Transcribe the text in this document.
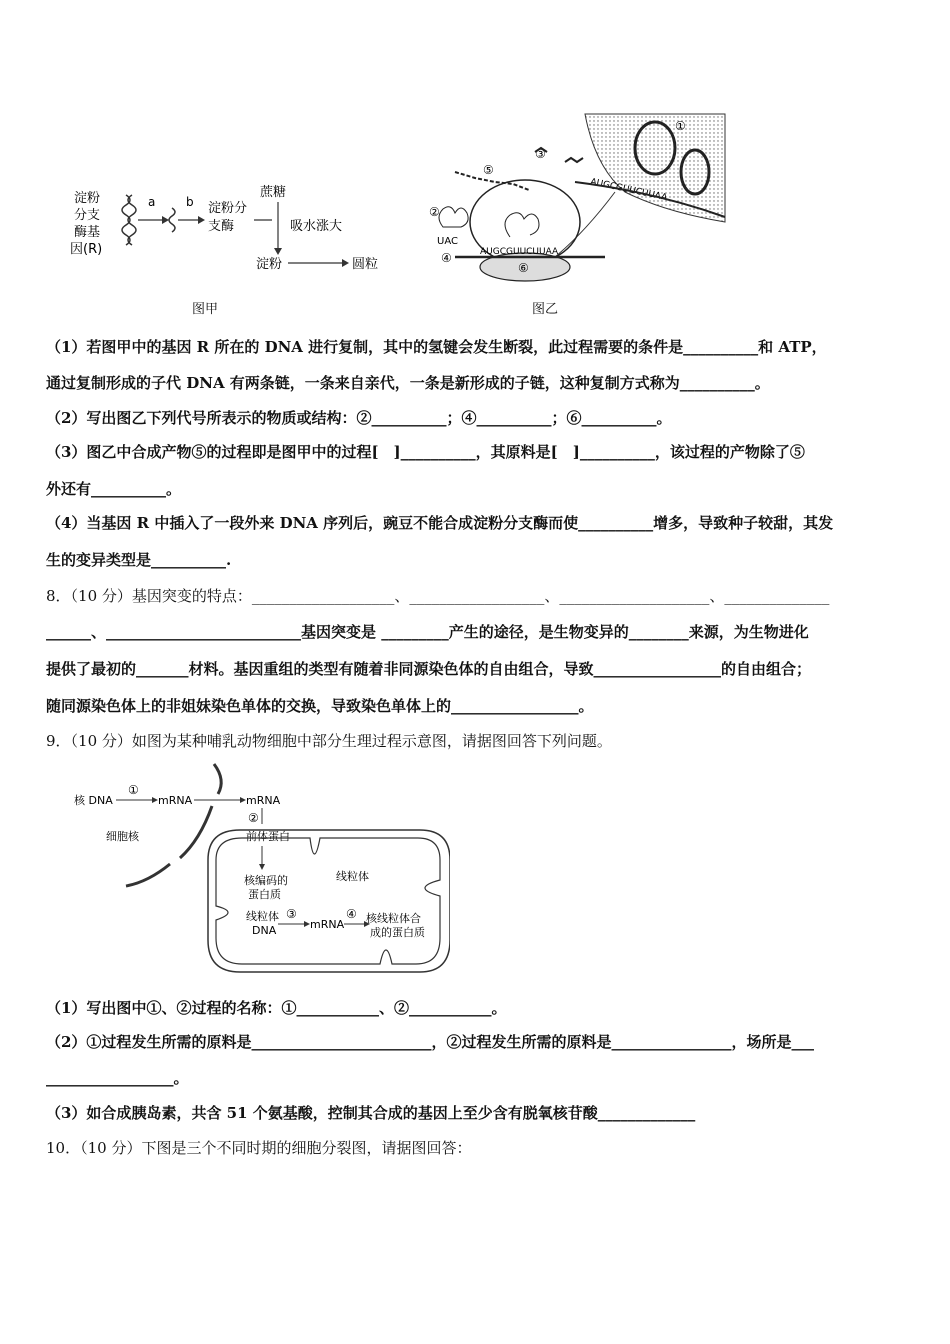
淀粉
分支
酶基
因(R)
a	b 淀粉分
支酶
蔗糖
吸水涨大
淀粉	圆粒
图甲
①
AUGCGUUCUUAA
⑥
AUGCGUUCUUAA
④
UAC
②
⑤
③
图乙
（1）若图甲中的基因 R 所在的 DNA 进行复制，其中的氢键会发生断裂，此过程需要的条件是__________和 ATP，
通过复制形成的子代 DNA 有两条链，一条来自亲代，一条是新形成的子链，这种复制方式称为__________。
（2）写出图乙下列代号所表示的物质或结构：②__________；④__________；⑥__________。
（3）图乙中合成产物⑤的过程即是图甲中的过程[　]__________，其原料是[　]__________，该过程的产物除了⑤
外还有__________。
（4）当基因 R 中插入了一段外来 DNA 序列后，豌豆不能合成淀粉分支酶而使__________增多，导致种子较甜，其发
生的变异类型是__________.
8．（10 分）基因突变的特点：___________________、__________________、____________________、______________
______、__________________________基因突变是 _________产生的途径，是生物变异的________来源，为生物进化
提供了最初的_______材料。基因重组的类型有随着非同源染色体的自由组合，导致_________________的自由组合；
随同源染色体上的非姐妹染色单体的交换，导致染色单体上的_________________。
9．（10 分）如图为某种哺乳动物细胞中部分生理过程示意图，请据图回答下列问题。
核 DNA
①
mRNA	mRNA
细胞核
②
前体蛋白
核编码的
蛋白质
线粒体
线粒体
DNA
③
mRNA
④ 核线粒体合
成的蛋白质
（1）写出图中①、②过程的名称：①___________、②___________。
（2）①过程发生所需的原料是________________________，②过程发生所需的原料是________________，场所是___
_________________。
（3）如合成胰岛素，共含 51 个氨基酸，控制其合成的基因上至少含有脱氧核苷酸_____________
10．（10 分）下图是三个不同时期的细胞分裂图，请据图回答：
